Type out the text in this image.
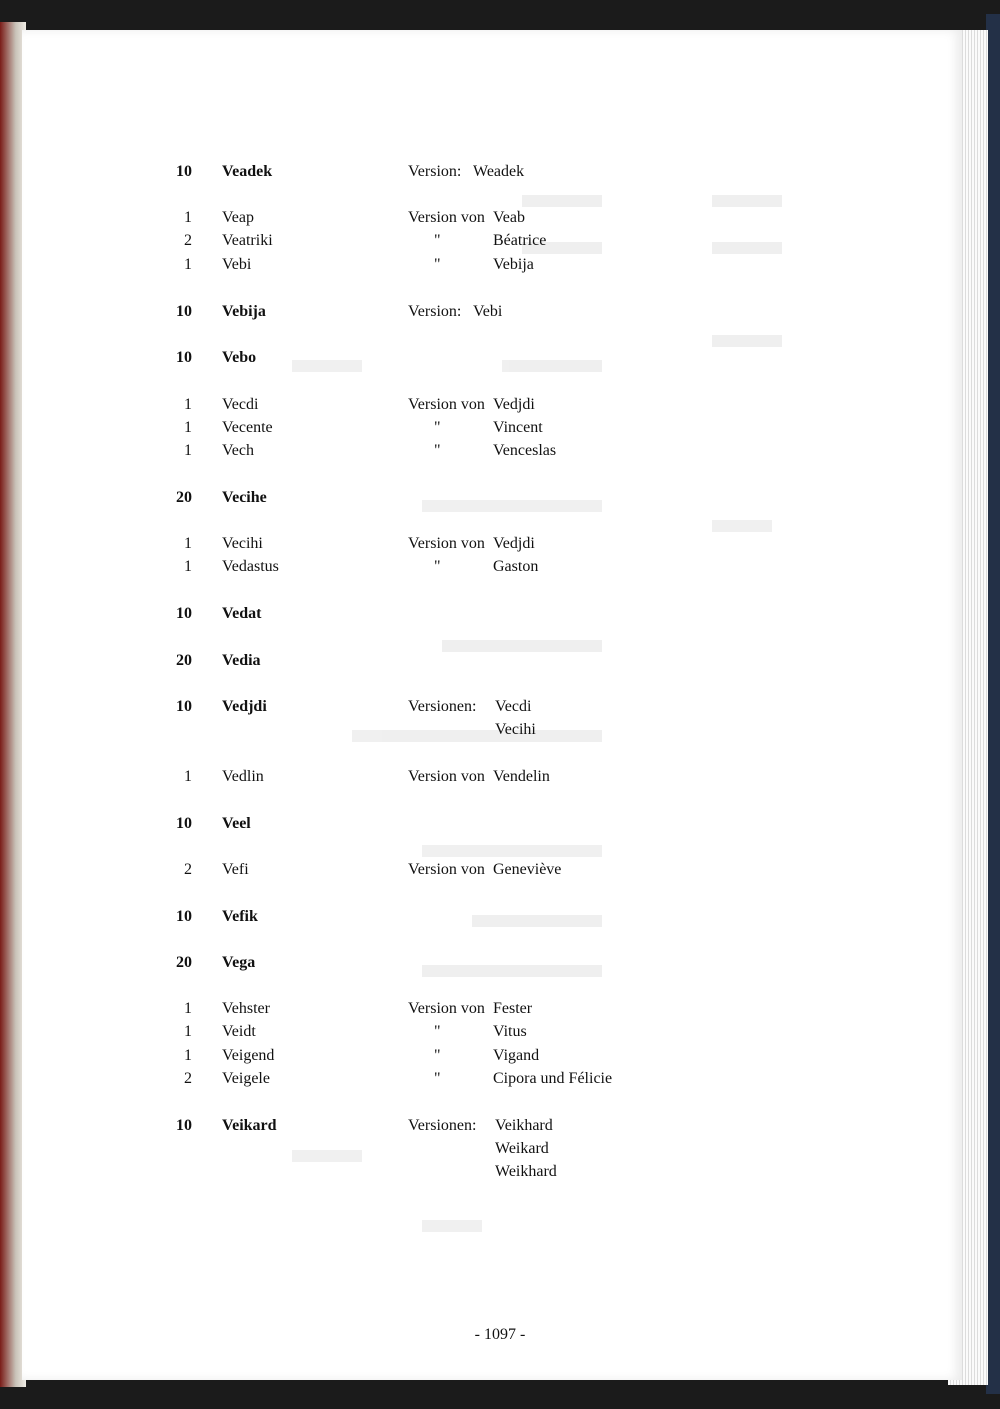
10 Veadek	Version: Weadek
1 Veap	Version von Veab
2 Veatriki	"	Béatrice
1 Vebi	"	Vebija
10 Vebija	Version: Vebi
10 Vebo
1 Vecdi	Version von Vedjdi
1 Vecente	"	Vincent
1 Vech	"	Venceslas
20 Vecihe
1 Vecihi	Version von Vedjdi
1 Vedastus	"	Gaston
10 Vedat
20 Vedia
10 Vedjdi	Versionen: Vecdi
Vecihi
1 Vedlin	Version von Vendelin
10 Veel
2 Vefi	Version von Geneviève
10 Vefik
20 Vega
1 Vehster	Version von Fester
1 Veidt	"	Vitus
1 Veigend	"	Vigand
2 Veigele	"	Cipora und Félicie
10 Veikard	Versionen: Veikhard
Weikard
Weikhard
- 1097 -
